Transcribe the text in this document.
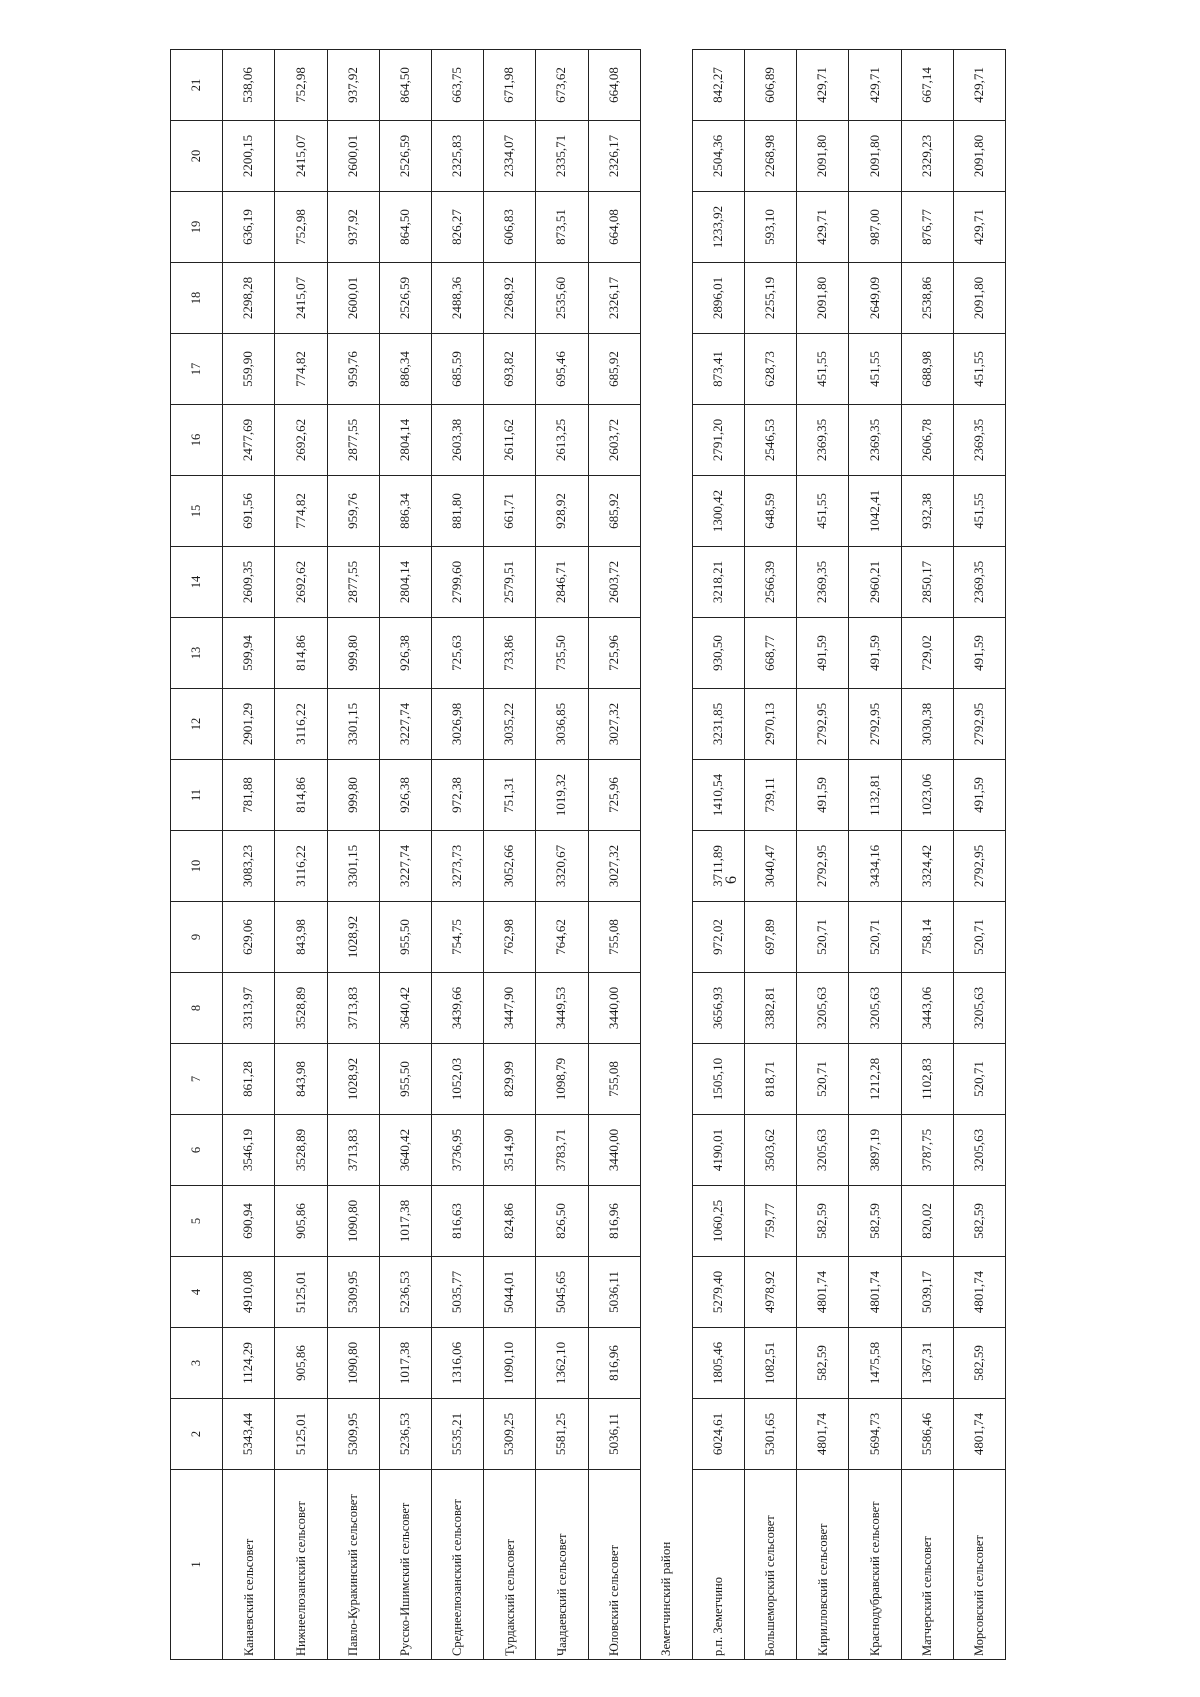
6
1	2	3	4	5	6	7	8	9	10	11	12	13	14	15	16	17	18	19	20	21
Канаевский сельсовет	5343,44	1124,29	4910,08	690,94	3546,19	861,28	3313,97	629,06	3083,23	781,88	2901,29	599,94	2609,35	691,56	2477,69	559,90	2298,28	636,19	2200,15	538,06
Нижнеелюзанский сельсовет	5125,01	905,86	5125,01	905,86	3528,89	843,98	3528,89	843,98	3116,22	814,86	3116,22	814,86	2692,62	774,82	2692,62	774,82	2415,07	752,98	2415,07	752,98
Павло-Куракинский сельсовет	5309,95	1090,80	5309,95	1090,80	3713,83	1028,92	3713,83	1028,92	3301,15	999,80	3301,15	999,80	2877,55	959,76	2877,55	959,76	2600,01	937,92	2600,01	937,92
Русско-Ишимский сельсовет	5236,53	1017,38	5236,53	1017,38	3640,42	955,50	3640,42	955,50	3227,74	926,38	3227,74	926,38	2804,14	886,34	2804,14	886,34	2526,59	864,50	2526,59	864,50
Среднеелюзанский сельсовет	5535,21	1316,06	5035,77	816,63	3736,95	1052,03	3439,66	754,75	3273,73	972,38	3026,98	725,63	2799,60	881,80	2603,38	685,59	2488,36	826,27	2325,83	663,75
Турдакский сельсовет	5309,25	1090,10	5044,01	824,86	3514,90	829,99	3447,90	762,98	3052,66	751,31	3035,22	733,86	2579,51	661,71	2611,62	693,82	2268,92	606,83	2334,07	671,98
Чаадаевский сельсовет	5581,25	1362,10	5045,65	826,50	3783,71	1098,79	3449,53	764,62	3320,67	1019,32	3036,85	735,50	2846,71	928,92	2613,25	695,46	2535,60	873,51	2335,71	673,62
Юловский сельсовет	5036,11	816,96	5036,11	816,96	3440,00	755,08	3440,00	755,08	3027,32	725,96	3027,32	725,96	2603,72	685,92	2603,72	685,92	2326,17	664,08	2326,17	664,08
Земетчинский район																				
р.п. Земетчино	6024,61	1805,46	5279,40	1060,25	4190,01	1505,10	3656,93	972,02	3711,89	1410,54	3231,85	930,50	3218,21	1300,42	2791,20	873,41	2896,01	1233,92	2504,36	842,27
Большеморский сельсовет	5301,65	1082,51	4978,92	759,77	3503,62	818,71	3382,81	697,89	3040,47	739,11	2970,13	668,77	2566,39	648,59	2546,53	628,73	2255,19	593,10	2268,98	606,89
Кирилловский сельсовет	4801,74	582,59	4801,74	582,59	3205,63	520,71	3205,63	520,71	2792,95	491,59	2792,95	491,59	2369,35	451,55	2369,35	451,55	2091,80	429,71	2091,80	429,71
Краснодубравский сельсовет	5694,73	1475,58	4801,74	582,59	3897,19	1212,28	3205,63	520,71	3434,16	1132,81	2792,95	491,59	2960,21	1042,41	2369,35	451,55	2649,09	987,00	2091,80	429,71
Матчерский сельсовет	5586,46	1367,31	5039,17	820,02	3787,75	1102,83	3443,06	758,14	3324,42	1023,06	3030,38	729,02	2850,17	932,38	2606,78	688,98	2538,86	876,77	2329,23	667,14
Морсовский сельсовет	4801,74	582,59	4801,74	582,59	3205,63	520,71	3205,63	520,71	2792,95	491,59	2792,95	491,59	2369,35	451,55	2369,35	451,55	2091,80	429,71	2091,80	429,71
